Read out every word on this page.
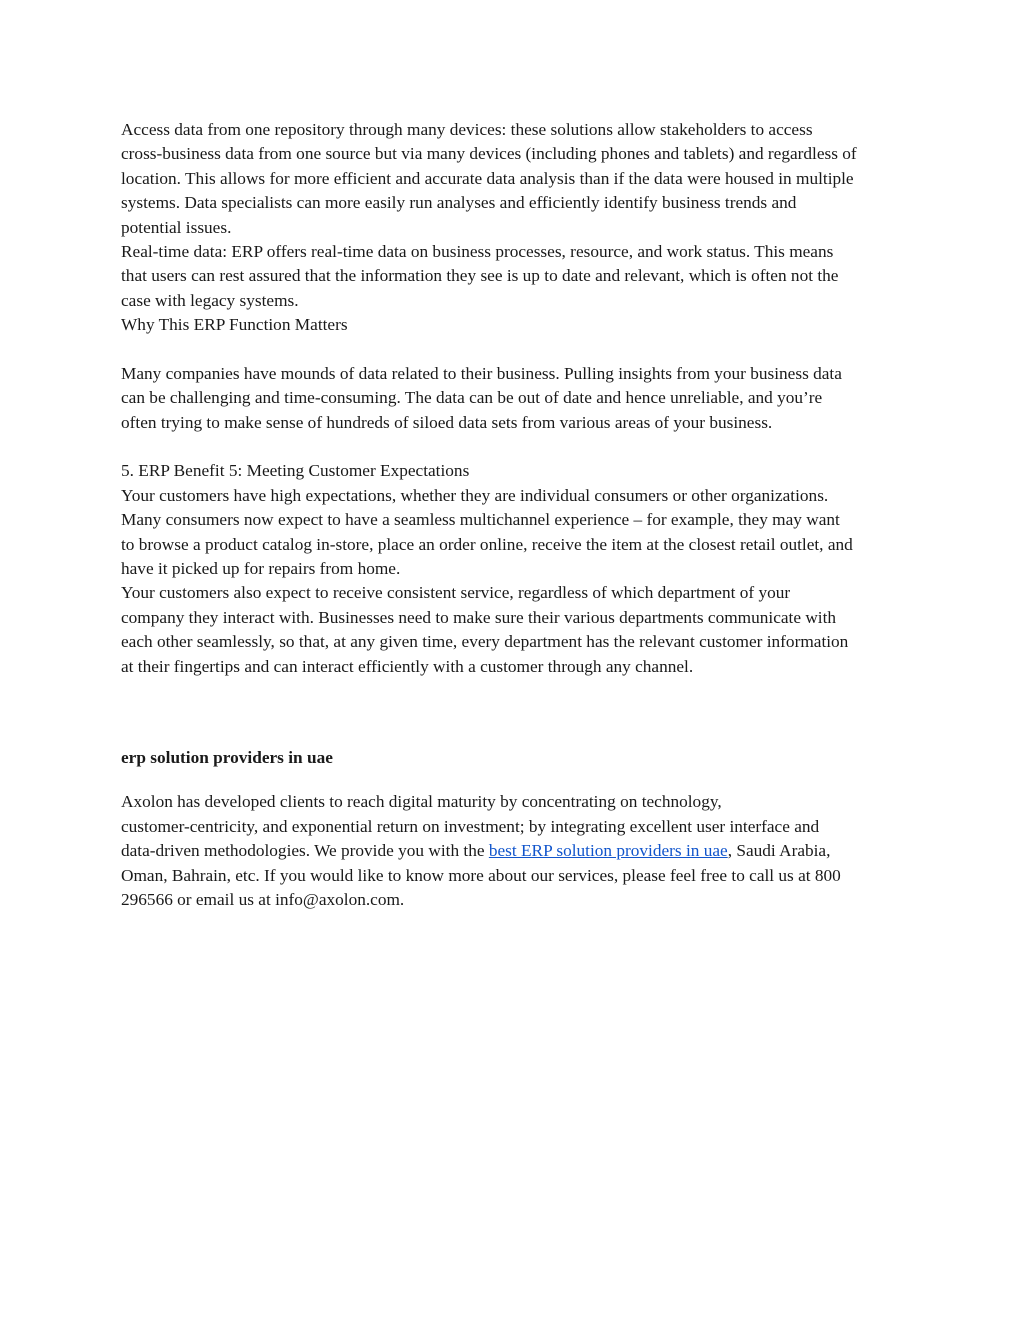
Access data from one repository through many devices: these solutions allow stakeholders to access
cross-business data from one source but via many devices (including phones and tablets) and regardless of
location. This allows for more efficient and accurate data analysis than if the data were housed in multiple
systems. Data specialists can more easily run analyses and efficiently identify business trends and
potential issues.
Real-time data: ERP offers real-time data on business processes, resource, and work status. This means
that users can rest assured that the information they see is up to date and relevant, which is often not the
case with legacy systems.
Why This ERP Function Matters
Many companies have mounds of data related to their business. Pulling insights from your business data
can be challenging and time-consuming. The data can be out of date and hence unreliable, and you’re
often trying to make sense of hundreds of siloed data sets from various areas of your business.
5. ERP Benefit 5: Meeting Customer Expectations
Your customers have high expectations, whether they are individual consumers or other organizations.
Many consumers now expect to have a seamless multichannel experience – for example, they may want
to browse a product catalog in-store, place an order online, receive the item at the closest retail outlet, and
have it picked up for repairs from home.
Your customers also expect to receive consistent service, regardless of which department of your
company they interact with. Businesses need to make sure their various departments communicate with
each other seamlessly, so that, at any given time, every department has the relevant customer information
at their fingertips and can interact efficiently with a customer through any channel.
erp solution providers in uae
Axolon has developed clients to reach digital maturity by concentrating on technology,
customer-centricity, and exponential return on investment; by integrating excellent user interface and
data-driven methodologies. We provide you with the best ERP solution providers in uae, Saudi Arabia,
Oman, Bahrain, etc. If you would like to know more about our services, please feel free to call us at 800
296566 or email us at info@axolon.com.
